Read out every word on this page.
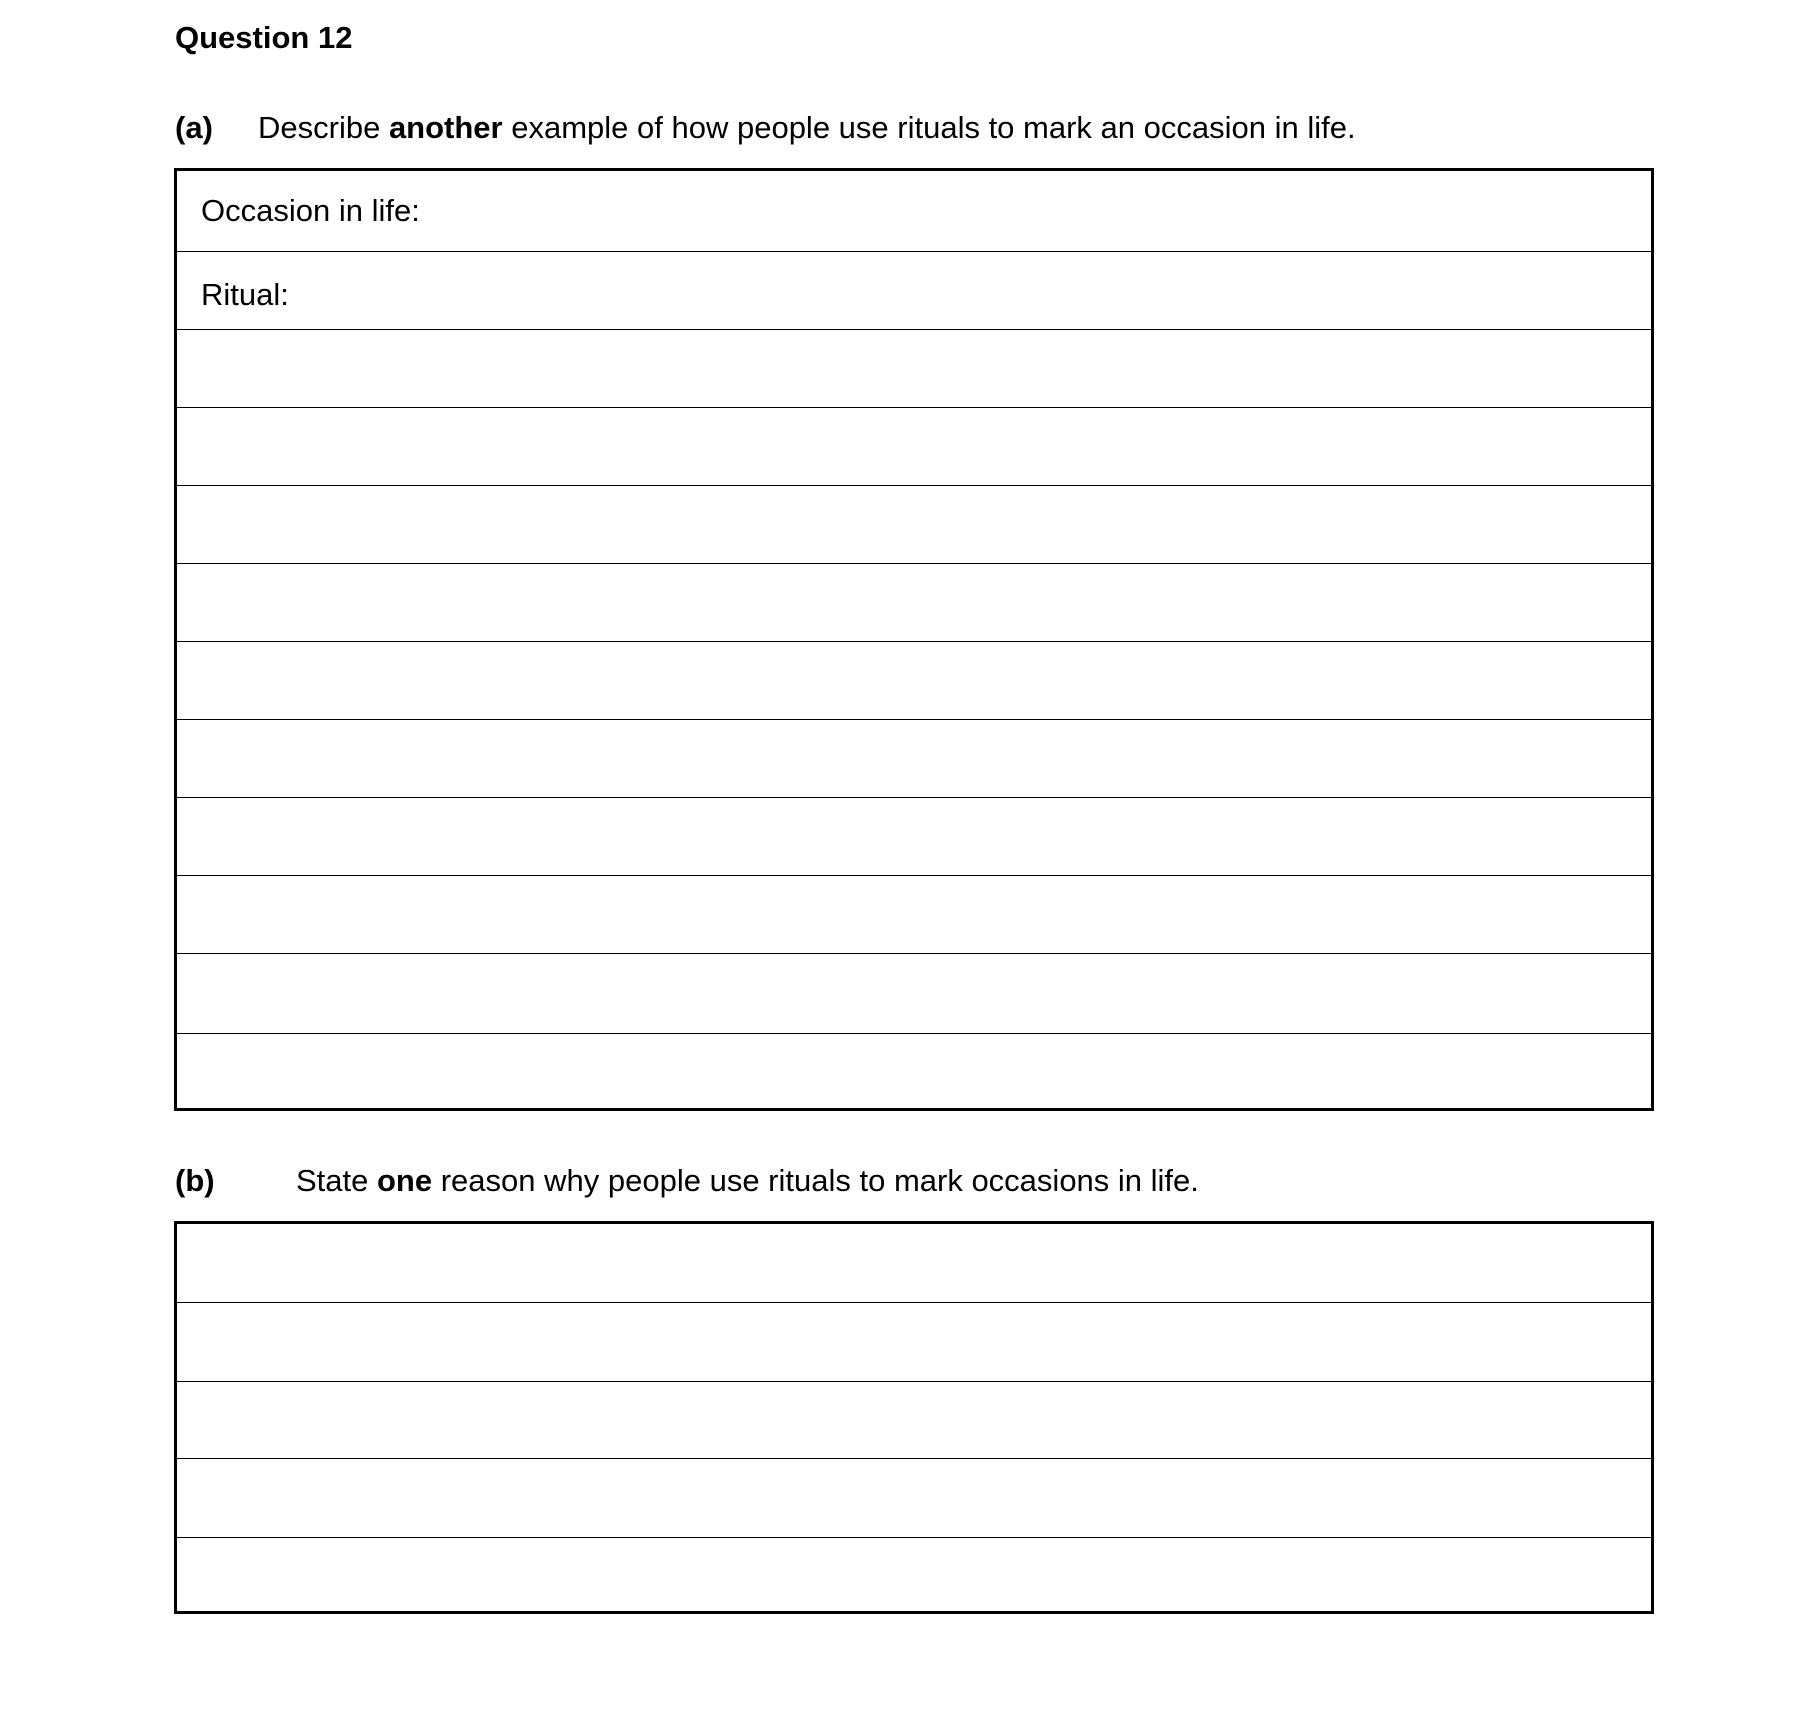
Question 12
(a) Describe another example of how people use rituals to mark an occasion in life.
Occasion in life:
Ritual:
(b)	State one reason why people use rituals to mark occasions in life.
